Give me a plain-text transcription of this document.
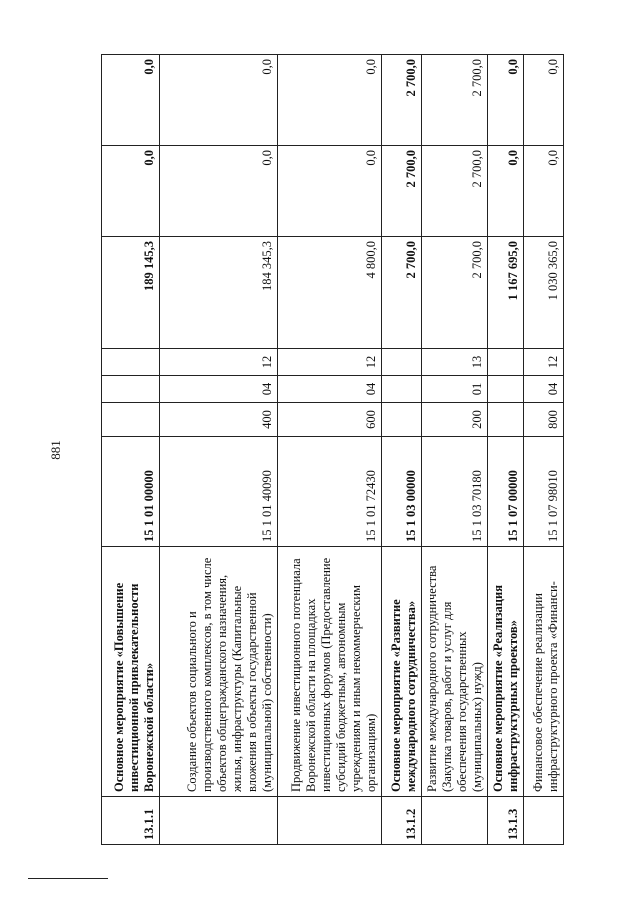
881
13.1.1	Основное мероприятие «Повышение инвестиционной привлекательности Воронежской области»	15 1 01 00000				189 145,3	0,0	0,0
	Создание объектов социального и производственного комплексов, в том числе объектов общегражданского назначения, жилья, инфраструктуры (Капитальные вложения в объекты государственной (муниципальной) собственности)	15 1 01 40090	400	04	12	184 345,3	0,0	0,0
	Продвижение инвестиционного потенциала Воронежской области на площадках инвестиционных форумов (Предоставление субсидий бюджетным, автономным учреждениям и иным некоммерческим организациям)	15 1 01 72430	600	04	12	4 800,0	0,0	0,0
13.1.2	Основное мероприятие «Развитие международного сотрудничества»	15 1 03 00000				2 700,0	2 700,0	2 700,0
	Развитие международного сотрудничества (Закупка товаров, работ и услуг для обеспечения государственных (муниципальных) нужд)	15 1 03 70180	200	01	13	2 700,0	2 700,0	2 700,0
13.1.3	Основное мероприятие «Реализация инфраструктурных проектов»	15 1 07 00000				1 167 695,0	0,0	0,0
	Финансовое обеспечение реализации инфраструктурного проекта «Финанси-	15 1 07 98010	800	04	12	1 030 365,0	0,0	0,0
